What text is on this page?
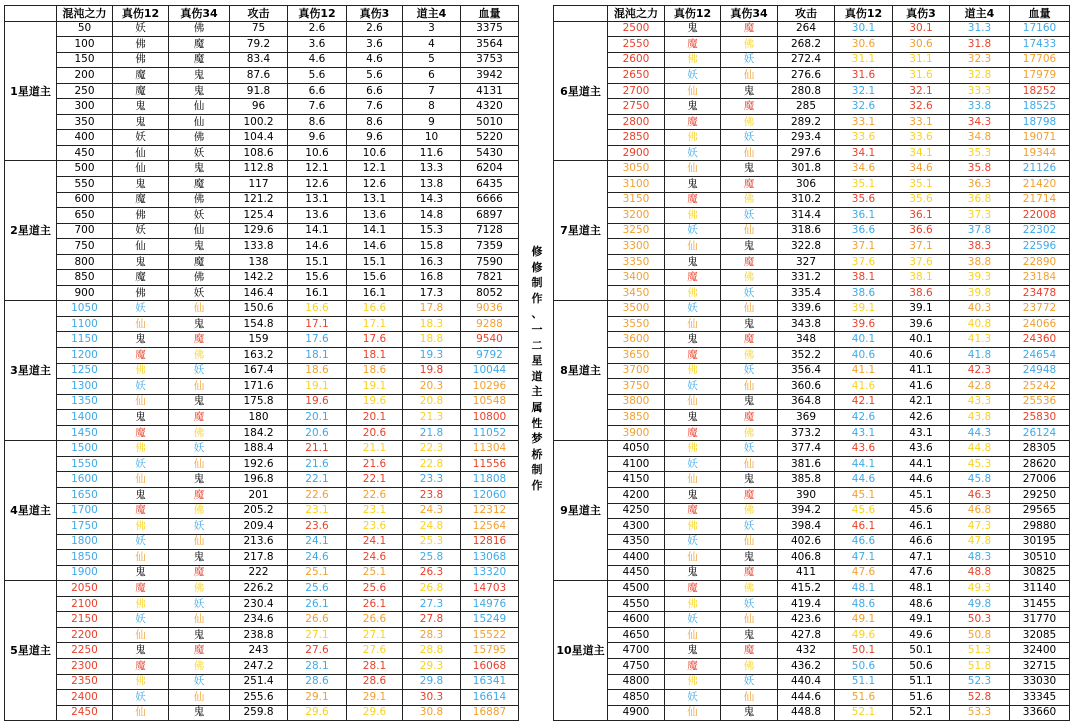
	混沌之力	真伤12	真伤34	攻击	真伤12	真伤3	道主4	血量
1星道主	50	妖	佛	75	2.6	2.6	3	3375
	100	佛	魔	79.2	3.6	3.6	4	3564
	150	佛	魔	83.4	4.6	4.6	5	3753
	200	魔	鬼	87.6	5.6	5.6	6	3942
	250	魔	鬼	91.8	6.6	6.6	7	4131
	300	鬼	仙	96	7.6	7.6	8	4320
	350	鬼	仙	100.2	8.6	8.6	9	5010
	400	妖	佛	104.4	9.6	9.6	10	5220
	450	仙	妖	108.6	10.6	10.6	11.6	5430
2星道主	500	仙	鬼	112.8	12.1	12.1	13.3	6204
	550	鬼	魔	117	12.6	12.6	13.8	6435
	600	魔	佛	121.2	13.1	13.1	14.3	6666
	650	佛	妖	125.4	13.6	13.6	14.8	6897
	700	妖	仙	129.6	14.1	14.1	15.3	7128
	750	仙	鬼	133.8	14.6	14.6	15.8	7359
	800	鬼	魔	138	15.1	15.1	16.3	7590
	850	魔	佛	142.2	15.6	15.6	16.8	7821
	900	佛	妖	146.4	16.1	16.1	17.3	8052
3星道主	1050	妖	仙	150.6	16.6	16.6	17.8	9036
	1100	仙	鬼	154.8	17.1	17.1	18.3	9288
	1150	鬼	魔	159	17.6	17.6	18.8	9540
	1200	魔	佛	163.2	18.1	18.1	19.3	9792
	1250	佛	妖	167.4	18.6	18.6	19.8	10044
	1300	妖	仙	171.6	19.1	19.1	20.3	10296
	1350	仙	鬼	175.8	19.6	19.6	20.8	10548
	1400	鬼	魔	180	20.1	20.1	21.3	10800
	1450	魔	佛	184.2	20.6	20.6	21.8	11052
4星道主	1500	佛	妖	188.4	21.1	21.1	22.3	11304
	1550	妖	仙	192.6	21.6	21.6	22.8	11556
	1600	仙	鬼	196.8	22.1	22.1	23.3	11808
	1650	鬼	魔	201	22.6	22.6	23.8	12060
	1700	魔	佛	205.2	23.1	23.1	24.3	12312
	1750	佛	妖	209.4	23.6	23.6	24.8	12564
	1800	妖	仙	213.6	24.1	24.1	25.3	12816
	1850	仙	鬼	217.8	24.6	24.6	25.8	13068
	1900	鬼	魔	222	25.1	25.1	26.3	13320
5星道主	2050	魔	佛	226.2	25.6	25.6	26.8	14703
	2100	佛	妖	230.4	26.1	26.1	27.3	14976
	2150	妖	仙	234.6	26.6	26.6	27.8	15249
	2200	仙	鬼	238.8	27.1	27.1	28.3	15522
	2250	鬼	魔	243	27.6	27.6	28.8	15795
	2300	魔	佛	247.2	28.1	28.1	29.3	16068
	2350	佛	妖	251.4	28.6	28.6	29.8	16341
	2400	妖	仙	255.6	29.1	29.1	30.3	16614
	2450	仙	鬼	259.8	29.6	29.6	30.8	16887
修
修
制
作
、
一
二
星
道
主
属
性
梦
桥
制
作
	混沌之力	真伤12	真伤34	攻击	真伤12	真伤3	道主4	血量
6星道主	2500	鬼	魔	264	30.1	30.1	31.3	17160
	2550	魔	佛	268.2	30.6	30.6	31.8	17433
	2600	佛	妖	272.4	31.1	31.1	32.3	17706
	2650	妖	仙	276.6	31.6	31.6	32.8	17979
	2700	仙	鬼	280.8	32.1	32.1	33.3	18252
	2750	鬼	魔	285	32.6	32.6	33.8	18525
	2800	魔	佛	289.2	33.1	33.1	34.3	18798
	2850	佛	妖	293.4	33.6	33.6	34.8	19071
	2900	妖	仙	297.6	34.1	34.1	35.3	19344
7星道主	3050	仙	鬼	301.8	34.6	34.6	35.8	21126
	3100	鬼	魔	306	35.1	35.1	36.3	21420
	3150	魔	佛	310.2	35.6	35.6	36.8	21714
	3200	佛	妖	314.4	36.1	36.1	37.3	22008
	3250	妖	仙	318.6	36.6	36.6	37.8	22302
	3300	仙	鬼	322.8	37.1	37.1	38.3	22596
	3350	鬼	魔	327	37.6	37.6	38.8	22890
	3400	魔	佛	331.2	38.1	38.1	39.3	23184
	3450	佛	妖	335.4	38.6	38.6	39.8	23478
8星道主	3500	妖	仙	339.6	39.1	39.1	40.3	23772
	3550	仙	鬼	343.8	39.6	39.6	40.8	24066
	3600	鬼	魔	348	40.1	40.1	41.3	24360
	3650	魔	佛	352.2	40.6	40.6	41.8	24654
	3700	佛	妖	356.4	41.1	41.1	42.3	24948
	3750	妖	仙	360.6	41.6	41.6	42.8	25242
	3800	仙	鬼	364.8	42.1	42.1	43.3	25536
	3850	鬼	魔	369	42.6	42.6	43.8	25830
	3900	魔	佛	373.2	43.1	43.1	44.3	26124
9星道主	4050	佛	妖	377.4	43.6	43.6	44.8	28305
	4100	妖	仙	381.6	44.1	44.1	45.3	28620
	4150	仙	鬼	385.8	44.6	44.6	45.8	27006
	4200	鬼	魔	390	45.1	45.1	46.3	29250
	4250	魔	佛	394.2	45.6	45.6	46.8	29565
	4300	佛	妖	398.4	46.1	46.1	47.3	29880
	4350	妖	仙	402.6	46.6	46.6	47.8	30195
	4400	仙	鬼	406.8	47.1	47.1	48.3	30510
	4450	鬼	魔	411	47.6	47.6	48.8	30825
10星道主	4500	魔	佛	415.2	48.1	48.1	49.3	31140
	4550	佛	妖	419.4	48.6	48.6	49.8	31455
	4600	妖	仙	423.6	49.1	49.1	50.3	31770
	4650	仙	鬼	427.8	49.6	49.6	50.8	32085
	4700	鬼	魔	432	50.1	50.1	51.3	32400
	4750	魔	佛	436.2	50.6	50.6	51.8	32715
	4800	佛	妖	440.4	51.1	51.1	52.3	33030
	4850	妖	仙	444.6	51.6	51.6	52.8	33345
	4900	仙	鬼	448.8	52.1	52.1	53.3	33660
